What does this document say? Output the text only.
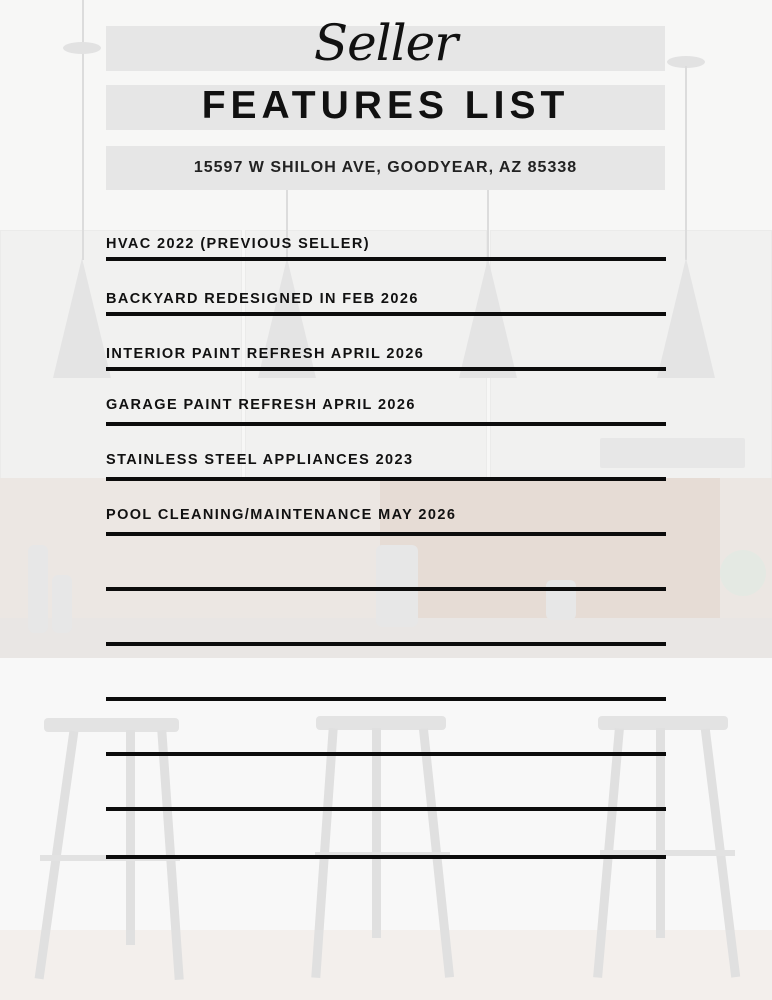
Seller
FEATURES LIST
15597 W SHILOH AVE, GOODYEAR, AZ 85338
HVAC 2022 (PREVIOUS SELLER)
BACKYARD REDESIGNED IN FEB 2026
INTERIOR PAINT REFRESH APRIL 2026
GARAGE PAINT REFRESH APRIL 2026
STAINLESS STEEL APPLIANCES 2023
POOL CLEANING/MAINTENANCE MAY 2026
